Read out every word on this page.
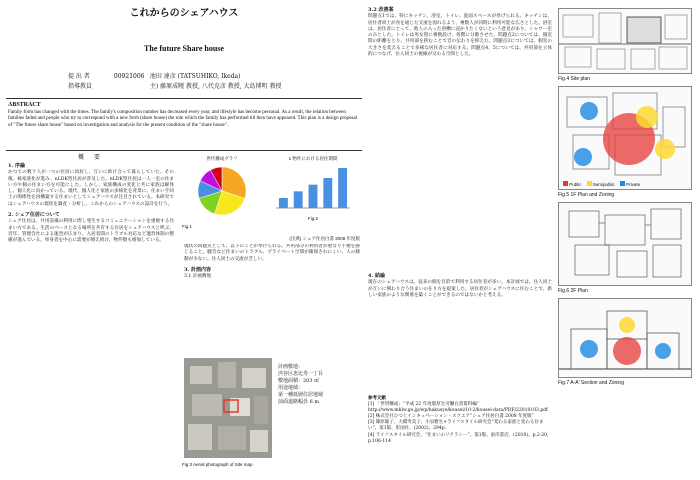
これからのシェアハウス
The future Share house
提 出 者	00921006 池田 達彦 (TATSUHIKO, Ikeda)
指導教員	主) 藤原成曉 教授, 八代克彦 教授, 大島博明 教授
ABSTRACT
Family form has changed with the times. The family's composition number has decreased every year, and lifestyle has become personal. As a result, the relation between families faded and people who try to correspond with a new form (share house) the role which the family has performed till then have appeared. This plan is a design proposal of "The future share house" based on investigation and analysis for the present condition of the "share house".
概 要
1. 序論
かつての数十人が一つの住居に同居し、互いに助け合って暮らしていた。その後、核家族化が進み、nLDK型住居が普及した。nLDK型住居は一人一室の住まい方や個の住まい方を可能にした。しかし、家族構成の変化と共に家族は解体し、個人化に向かっている。現代、個人化と家族の多様化を背景に、住まい手同士の関係性を再構築する住まいとしてシェアハウスが注目されている。本研究ではシェアハウスの現状を調査・分析し、これからのシェアハウスの設計を行う。
2. シェア住居について
シェア住居は、共用設備の利用に際し発生するコミュニケーションを重視する住まい方である。生活のベースとなる場所を共有する住居をシェアハウスと呼ぶ。近年、管理会社による運営が広まり、入居者間のトラブル対応など運営体制の整備が進んでいる。単身者を中心に需要が増え続け、物件数も増加している。
世代構成グラフ
Fig.1
1 物件における居住期間
Fig.2
(出典) シェア住居白書 2008 年度版
現状の問題点として、以下のことが挙げられる。共用部分の利用者が重なり不便を感じること。騒音など住まいのトラブル。プライベート空間が確保されにくい。人の移動が少ない。住人同士の交流が乏しい。
3. 計画内容
3.1 計画敷地
Fig 3 Aerial photograph of Site map
計画敷地：
渋谷区恵比寿一丁目
敷地面積：203 ㎡
用途地域：
第一種低層住居地域
前面道路幅員 6 m
3.2 改善案
問題点1では、特にキッチン、浴室、トイレ、洗面スペースが挙げられる。キッチンは、居住者同士が食を通じた交流を図れるよう、複数人が同時に利用可能な広さとした。浴室は、居住者にとって、他人の入った浴槽に浸かりたくないという意見があり、シャワー室のみとした。トイレは男女別に複数設け、各階に分散させた。問題点2については、個室間の距離をとり、共用部を挟むことで音の伝わりを抑えた。問題点3については、個室の大きさを変えることで多様な居住者に対応する。問題点4、5については、共用部を立体的につなげ、住人同士の視線が交わる空間とした。
4. 結論
現在のシェアハウスは、従来の個を目的で利用する居住者が多い。本計画では、住人同士が互いに関わり合う住まいの在り方を提案した。居住者がシェアハウスに住むことで、新しい家族のような関係を築くことができるのではないかと考える。
参考文献
[1] 「世帯構成」“平成 22 年度版厚生労働白書資料編” http://www.mhlw.go.jp/wp/hakusyo/kousei/10-2/kousei-data/PDF/22010103.pdf
[2] 株式会社ひつじインキュベーション・スクエア“シェア住居白書 2008 年度版”
[3] 篠原聡子、大橋寿美子、小泉雅生+ライフスタイル研究会“変わる家族と変わる住まい”、第1版、彰国社、(2002)、294p.
[4] ライフスタイル研究会、“住まいのリテラシー”、第1版、東洋書店、(2010)、p.2-20, p.106-114
Fig.4 Site plan
Public	Semipublic	Private
Fig.5 1F Plan and Zoning
Fig.6 2F Plan
Fig.7 A-A' Section and Zoning
